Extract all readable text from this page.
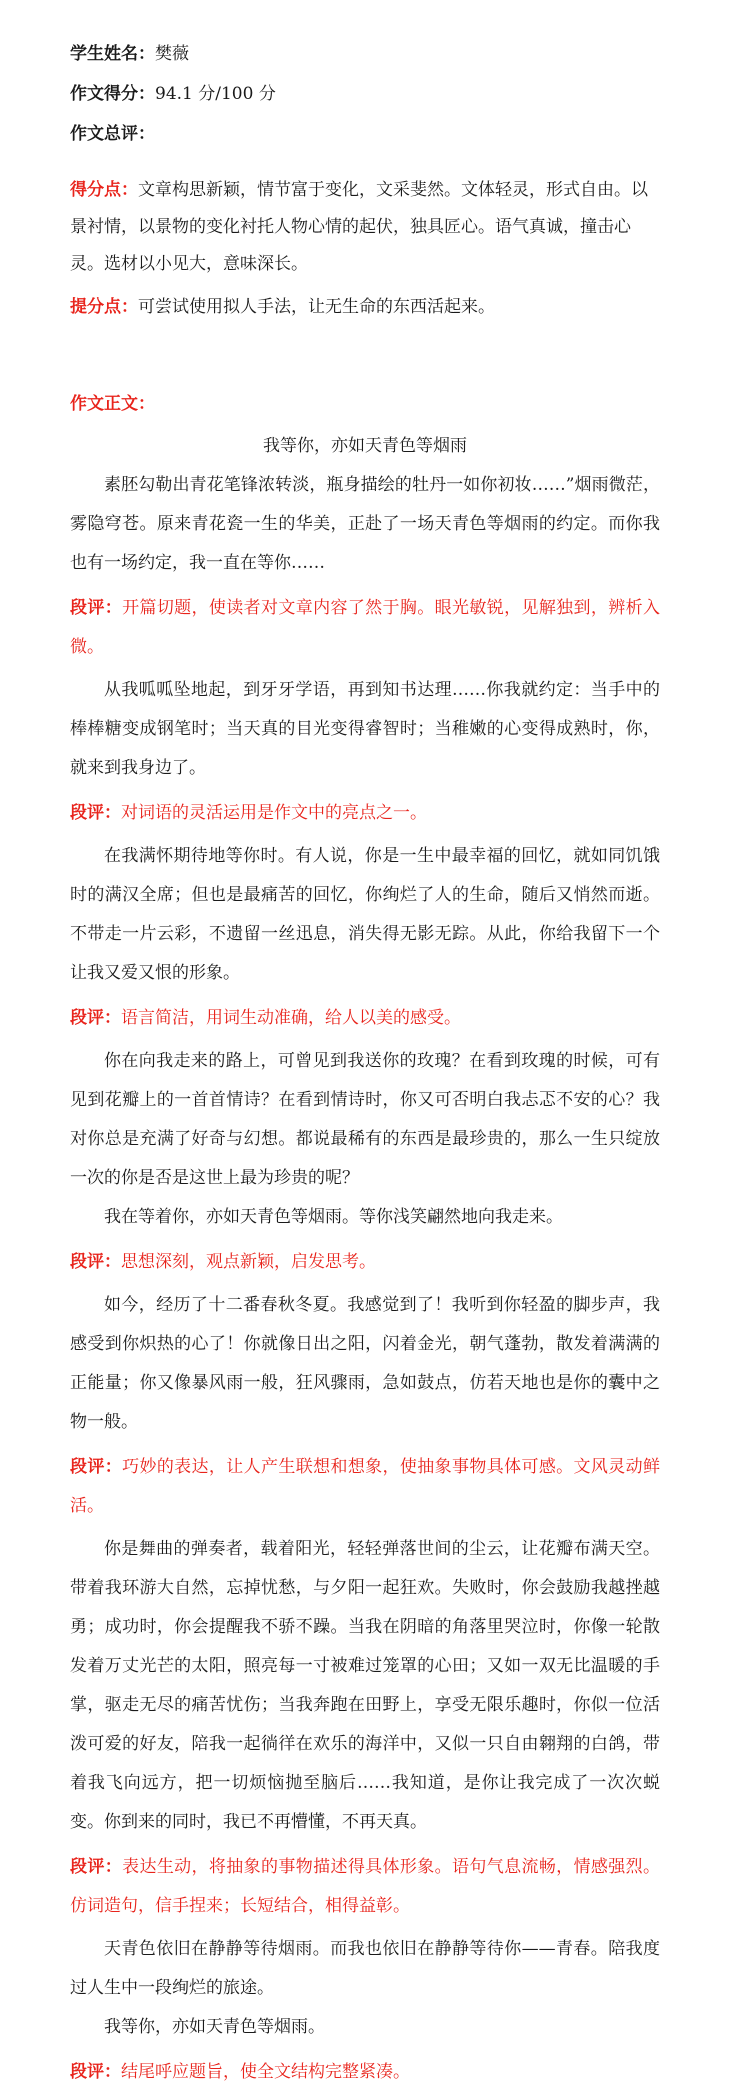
学生姓名：樊薇
作文得分：94.1 分/100 分
作文总评：

得分点：文章构思新颖，情节富于变化，文采斐然。文体轻灵，形式自由。以景衬情，以景物的变化衬托人物心情的起伏，独具匠心。语气真诚，撞击心灵。选材以小见大，意味深长。

提分点：可尝试使用拟人手法，让无生命的东西活起来。

作文正文：
我等你，亦如天青色等烟雨

素胚勾勒出青花笔锋浓转淡，瓶身描绘的牡丹一如你初妆……”烟雨微茫，雾隐穹苍。原来青花瓷一生的华美，正赴了一场天青色等烟雨的约定。而你我也有一场约定，我一直在等你……

段评：开篇切题，使读者对文章内容了然于胸。眼光敏锐，见解独到，辨析入微。

从我呱呱坠地起，到牙牙学语，再到知书达理……你我就约定：当手中的棒棒糖变成钢笔时；当天真的目光变得睿智时；当稚嫩的心变得成熟时，你，就来到我身边了。

段评：对词语的灵活运用是作文中的亮点之一。

在我满怀期待地等你时。有人说，你是一生中最幸福的回忆，就如同饥饿时的满汉全席；但也是最痛苦的回忆，你绚烂了人的生命，随后又悄然而逝。不带走一片云彩，不遗留一丝迅息，消失得无影无踪。从此，你给我留下一个让我又爱又恨的形象。

段评：语言简洁，用词生动准确，给人以美的感受。

你在向我走来的路上，可曾见到我送你的玫瑰？在看到玫瑰的时候，可有见到花瓣上的一首首情诗？在看到情诗时，你又可否明白我忐忑不安的心？我对你总是充满了好奇与幻想。都说最稀有的东西是最珍贵的，那么一生只绽放一次的你是否是这世上最为珍贵的呢？

我在等着你，亦如天青色等烟雨。等你浅笑翩然地向我走来。

段评：思想深刻，观点新颖，启发思考。

如今，经历了十二番春秋冬夏。我感觉到了！我听到你轻盈的脚步声，我感受到你炽热的心了！你就像日出之阳，闪着金光，朝气蓬勃，散发着满满的正能量；你又像暴风雨一般，狂风骤雨，急如鼓点，仿若天地也是你的囊中之物一般。

段评：巧妙的表达，让人产生联想和想象，使抽象事物具体可感。文风灵动鲜活。

你是舞曲的弹奏者，载着阳光，轻轻弹落世间的尘云，让花瓣布满天空。带着我环游大自然，忘掉忧愁，与夕阳一起狂欢。失败时，你会鼓励我越挫越勇；成功时，你会提醒我不骄不躁。当我在阴暗的角落里哭泣时，你像一轮散发着万丈光芒的太阳，照亮每一寸被难过笼罩的心田；又如一双无比温暖的手掌，驱走无尽的痛苦忧伤；当我奔跑在田野上，享受无限乐趣时，你似一位活泼可爱的好友，陪我一起徜徉在欢乐的海洋中，又似一只自由翱翔的白鸽，带着我飞向远方，把一切烦恼抛至脑后……我知道，是你让我完成了一次次蜕变。你到来的同时，我已不再懵懂，不再天真。

段评：表达生动，将抽象的事物描述得具体形象。语句气息流畅，情感强烈。仿词造句，信手捏来；长短结合，相得益彰。

天青色依旧在静静等待烟雨。而我也依旧在静静等待你——青春。陪我度过人生中一段绚烂的旅途。

我等你，亦如天青色等烟雨。

段评：结尾呼应题旨，使全文结构完整紧凑。
